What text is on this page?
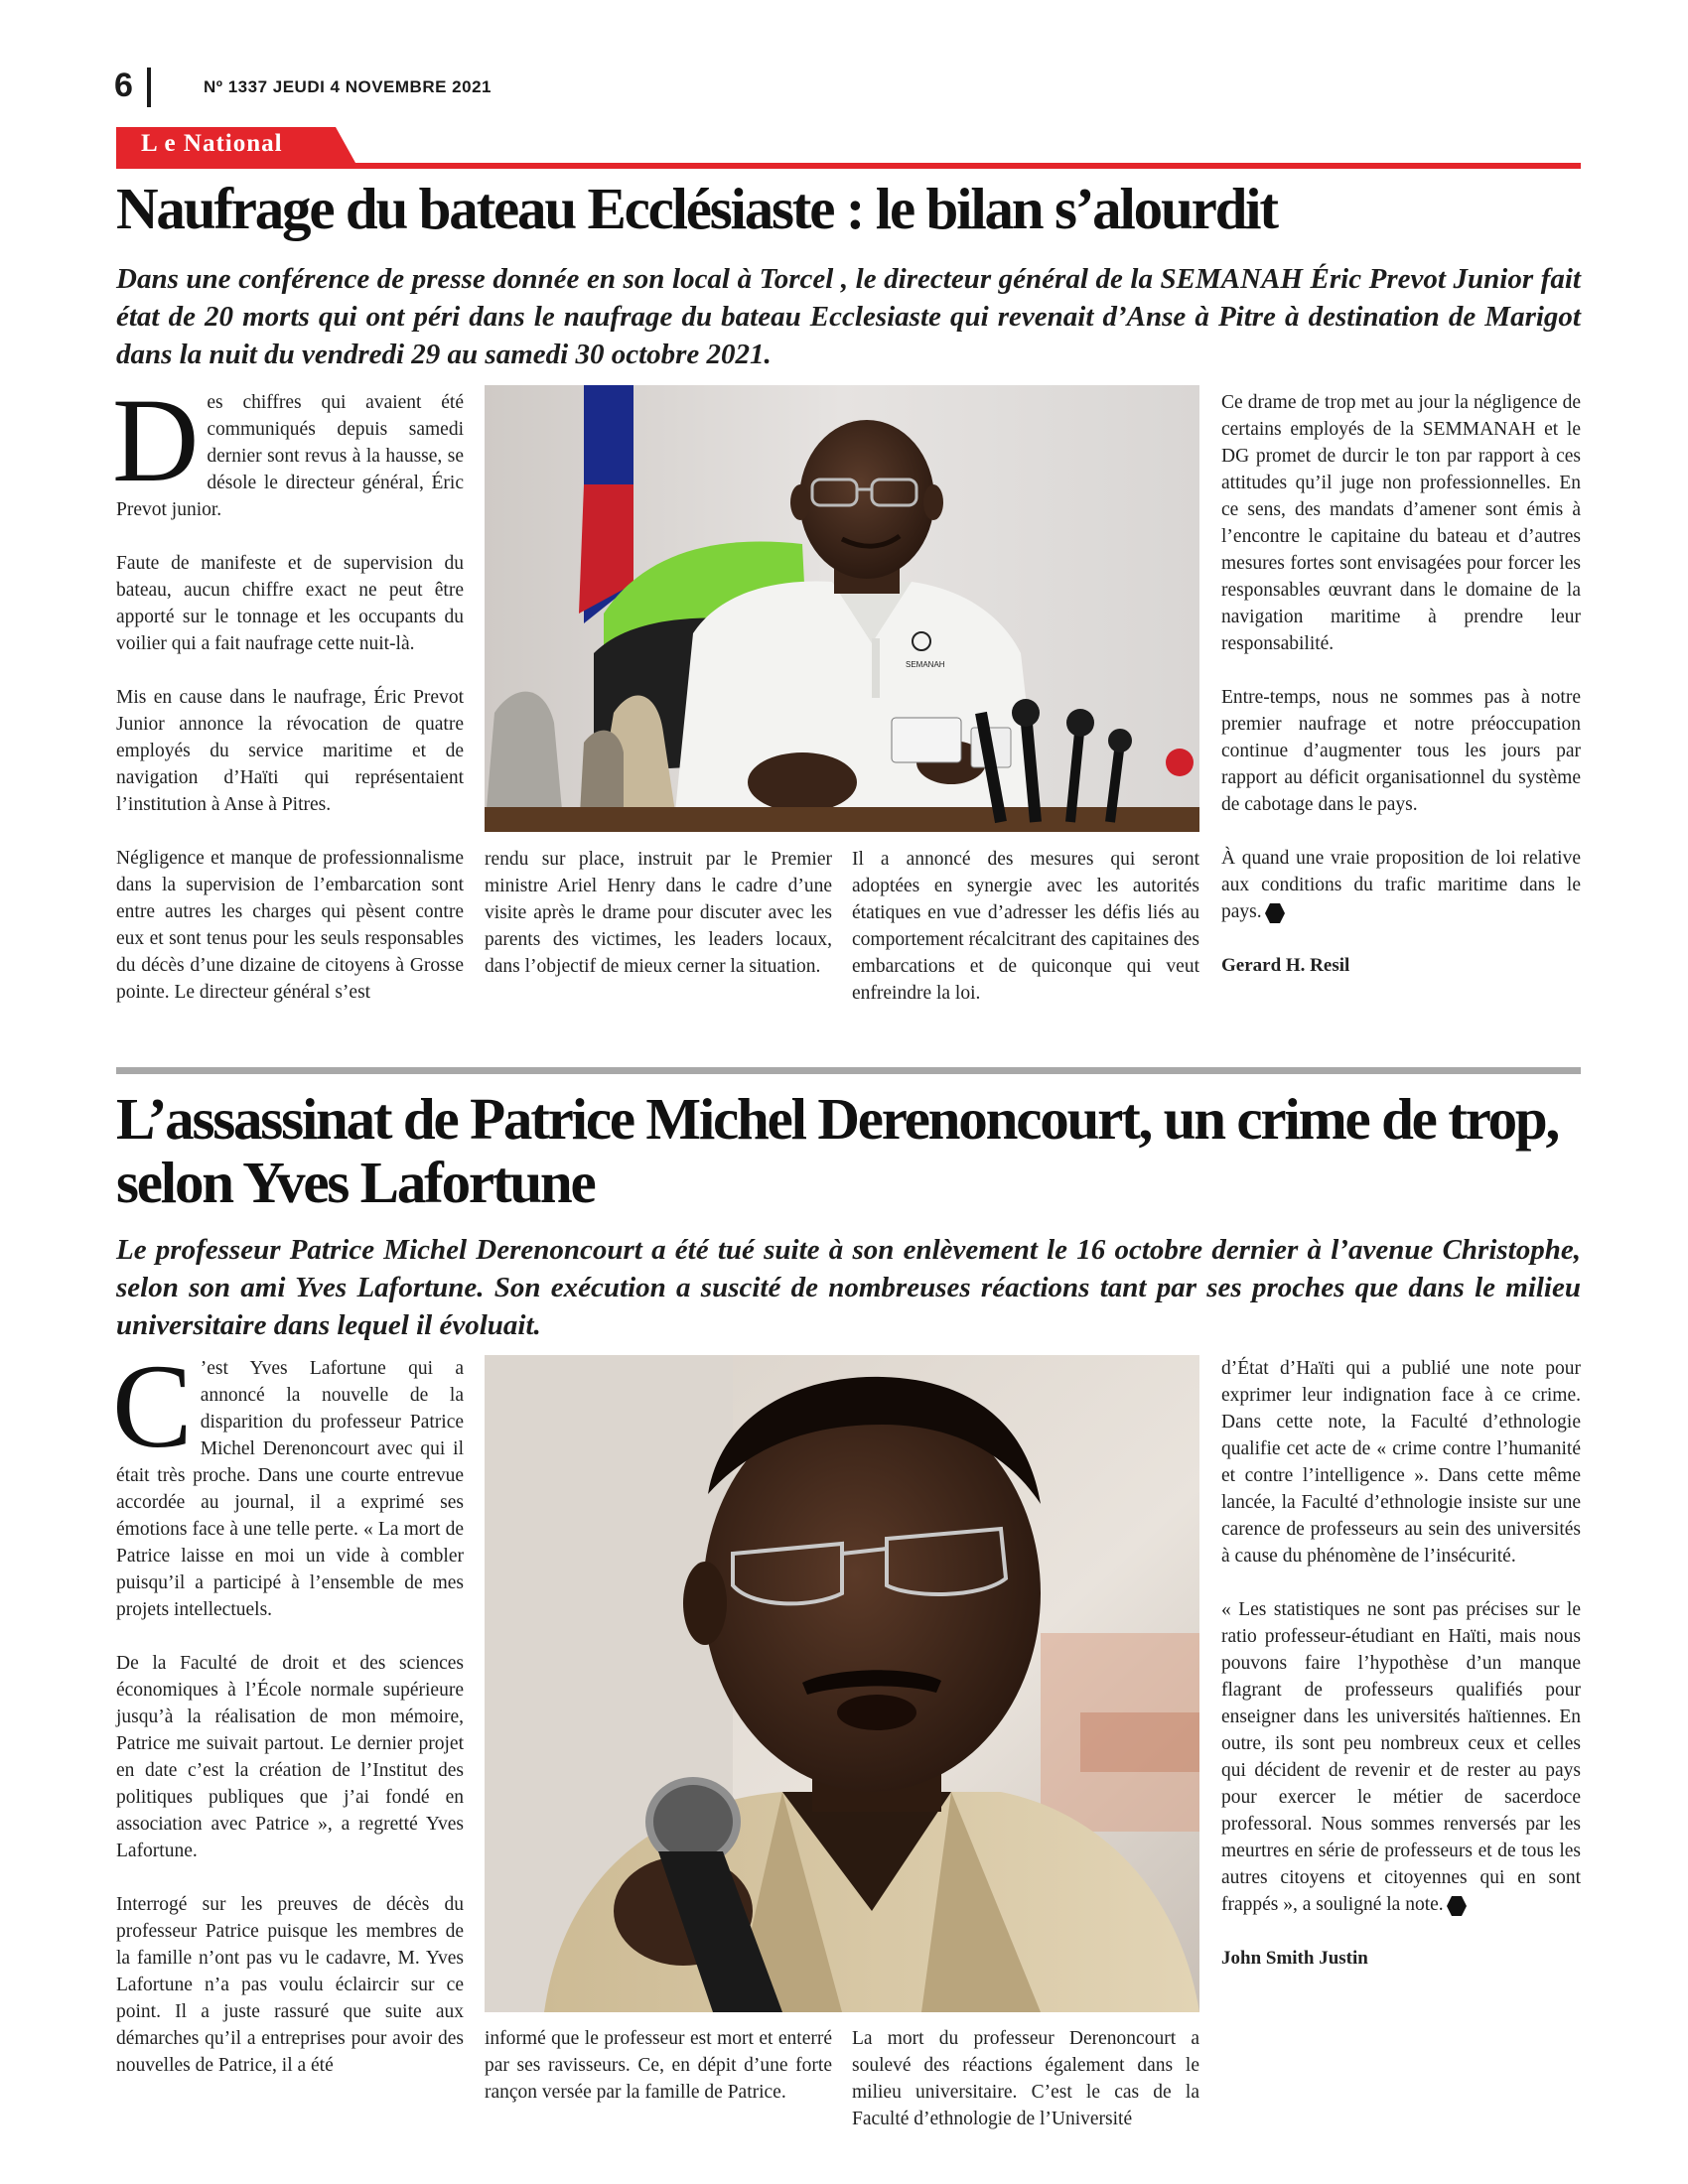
6	Nº 1337 JEUDI 4 NOVEMBRE 2021
L e National
Naufrage du bateau Ecclésiaste : le bilan s’alourdit

Dans une conférence de presse donnée en son local à Torcel , le directeur général de la SEMANAH Éric Prevot Junior fait état de 20 morts qui ont péri dans le naufrage du bateau Ecclesiaste qui revenait d’Anse à Pitre à destination de Marigot dans la nuit du vendredi 29 au samedi 30 octobre 2021.

Des chiffres qui avaient été communiqués depuis samedi dernier sont revus à la hausse, se désole le directeur général, Éric Prevot junior.

Faute de manifeste et de supervision du bateau, aucun chiffre exact ne peut être apporté sur le tonnage et les occupants du voilier qui a fait naufrage cette nuit-là.

Mis en cause dans le naufrage, Éric Prevot Junior annonce la révocation de quatre employés du service maritime et de navigation d’Haïti qui représentaient l’institution à Anse à Pitres.

Négligence et manque de professionnalisme dans la supervision de l’embarcation sont entre autres les charges qui pèsent contre eux et sont tenus pour les seuls responsables du décès d’une dizaine de citoyens à Grosse pointe. Le directeur général s’est

SEMANAH

rendu sur place, instruit par le Premier ministre Ariel Henry dans le cadre d’une visite après le drame pour discuter avec les parents des victimes, les leaders locaux, dans l’objectif de mieux cerner la situation.

Il a annoncé des mesures qui seront adoptées en synergie avec les autorités étatiques en vue d’adresser les défis liés au comportement récalcitrant des capitaines des embarcations et de quiconque qui veut enfreindre la loi.

Ce drame de trop met au jour la négligence de certains employés de la SEMMANAH et le DG promet de durcir le ton par rapport à ces attitudes qu’il juge non professionnelles. En ce sens, des mandats d’amener sont émis à l’encontre le capitaine du bateau et d’autres mesures fortes sont envisagées pour forcer les responsables œuvrant dans le domaine de la navigation maritime à prendre leur responsabilité.

Entre-temps, nous ne sommes pas à notre premier naufrage et notre préoccupation continue d’augmenter tous les jours par rapport au déficit organisationnel du système de cabotage dans le pays.

À quand une vraie proposition de loi relative aux conditions du trafic maritime dans le pays.

Gerard H. Resil
L’assassinat de Patrice Michel Derenoncourt, un crime de trop, selon Yves Lafortune

Le professeur Patrice Michel Derenoncourt a été tué suite à son enlèvement le 16 octobre dernier à l’avenue Christophe, selon son ami Yves Lafortune. Son exécution a suscité de nombreuses réactions tant par ses proches que dans le milieu universitaire dans lequel il évoluait.

C ’est Yves Lafortune qui a annoncé la nouvelle de la disparition du professeur Patrice Michel Derenoncourt avec qui il était très proche. Dans une courte entrevue accordée au journal, il a exprimé ses émotions face à une telle perte. « La mort de Patrice laisse en moi un vide à combler puisqu’il a participé à l’ensemble de mes projets intellectuels.

De la Faculté de droit et des sciences économiques à l’École normale supérieure jusqu’à la réalisation de mon mémoire, Patrice me suivait partout. Le dernier projet en date c’est la création de l’Institut des politiques publiques que j’ai fondé en association avec Patrice », a regretté Yves Lafortune.

Interrogé sur les preuves de décès du professeur Patrice puisque les membres de la famille n’ont pas vu le cadavre, M. Yves Lafortune n’a pas voulu éclaircir sur ce point. Il a juste rassuré que suite aux démarches qu’il a entreprises pour avoir des nouvelles de Patrice, il a été

informé que le professeur est mort et enterré par ses ravisseurs. Ce, en dépit d’une forte rançon versée par la famille de Patrice.

La mort du professeur Derenoncourt a soulevé des réactions également dans le milieu universitaire. C’est le cas de la Faculté d’ethnologie de l’Université

d’État d’Haïti qui a publié une note pour exprimer leur indignation face à ce crime. Dans cette note, la Faculté d’ethnologie qualifie cet acte de « crime contre l’humanité et contre l’intelligence ». Dans cette même lancée, la Faculté d’ethnologie insiste sur une carence de professeurs au sein des universités à cause du phénomène de l’insécurité.

« Les statistiques ne sont pas précises sur le ratio professeur-étudiant en Haïti, mais nous pouvons faire l’hypothèse d’un manque flagrant de professeurs qualifiés pour enseigner dans les universités haïtiennes. En outre, ils sont peu nombreux ceux et celles qui décident de revenir et de rester au pays pour exercer le métier de sacerdoce professoral. Nous sommes renversés par les meurtres en série de professeurs et de tous les autres citoyens et citoyennes qui en sont frappés », a souligné la note.

John Smith Justin
